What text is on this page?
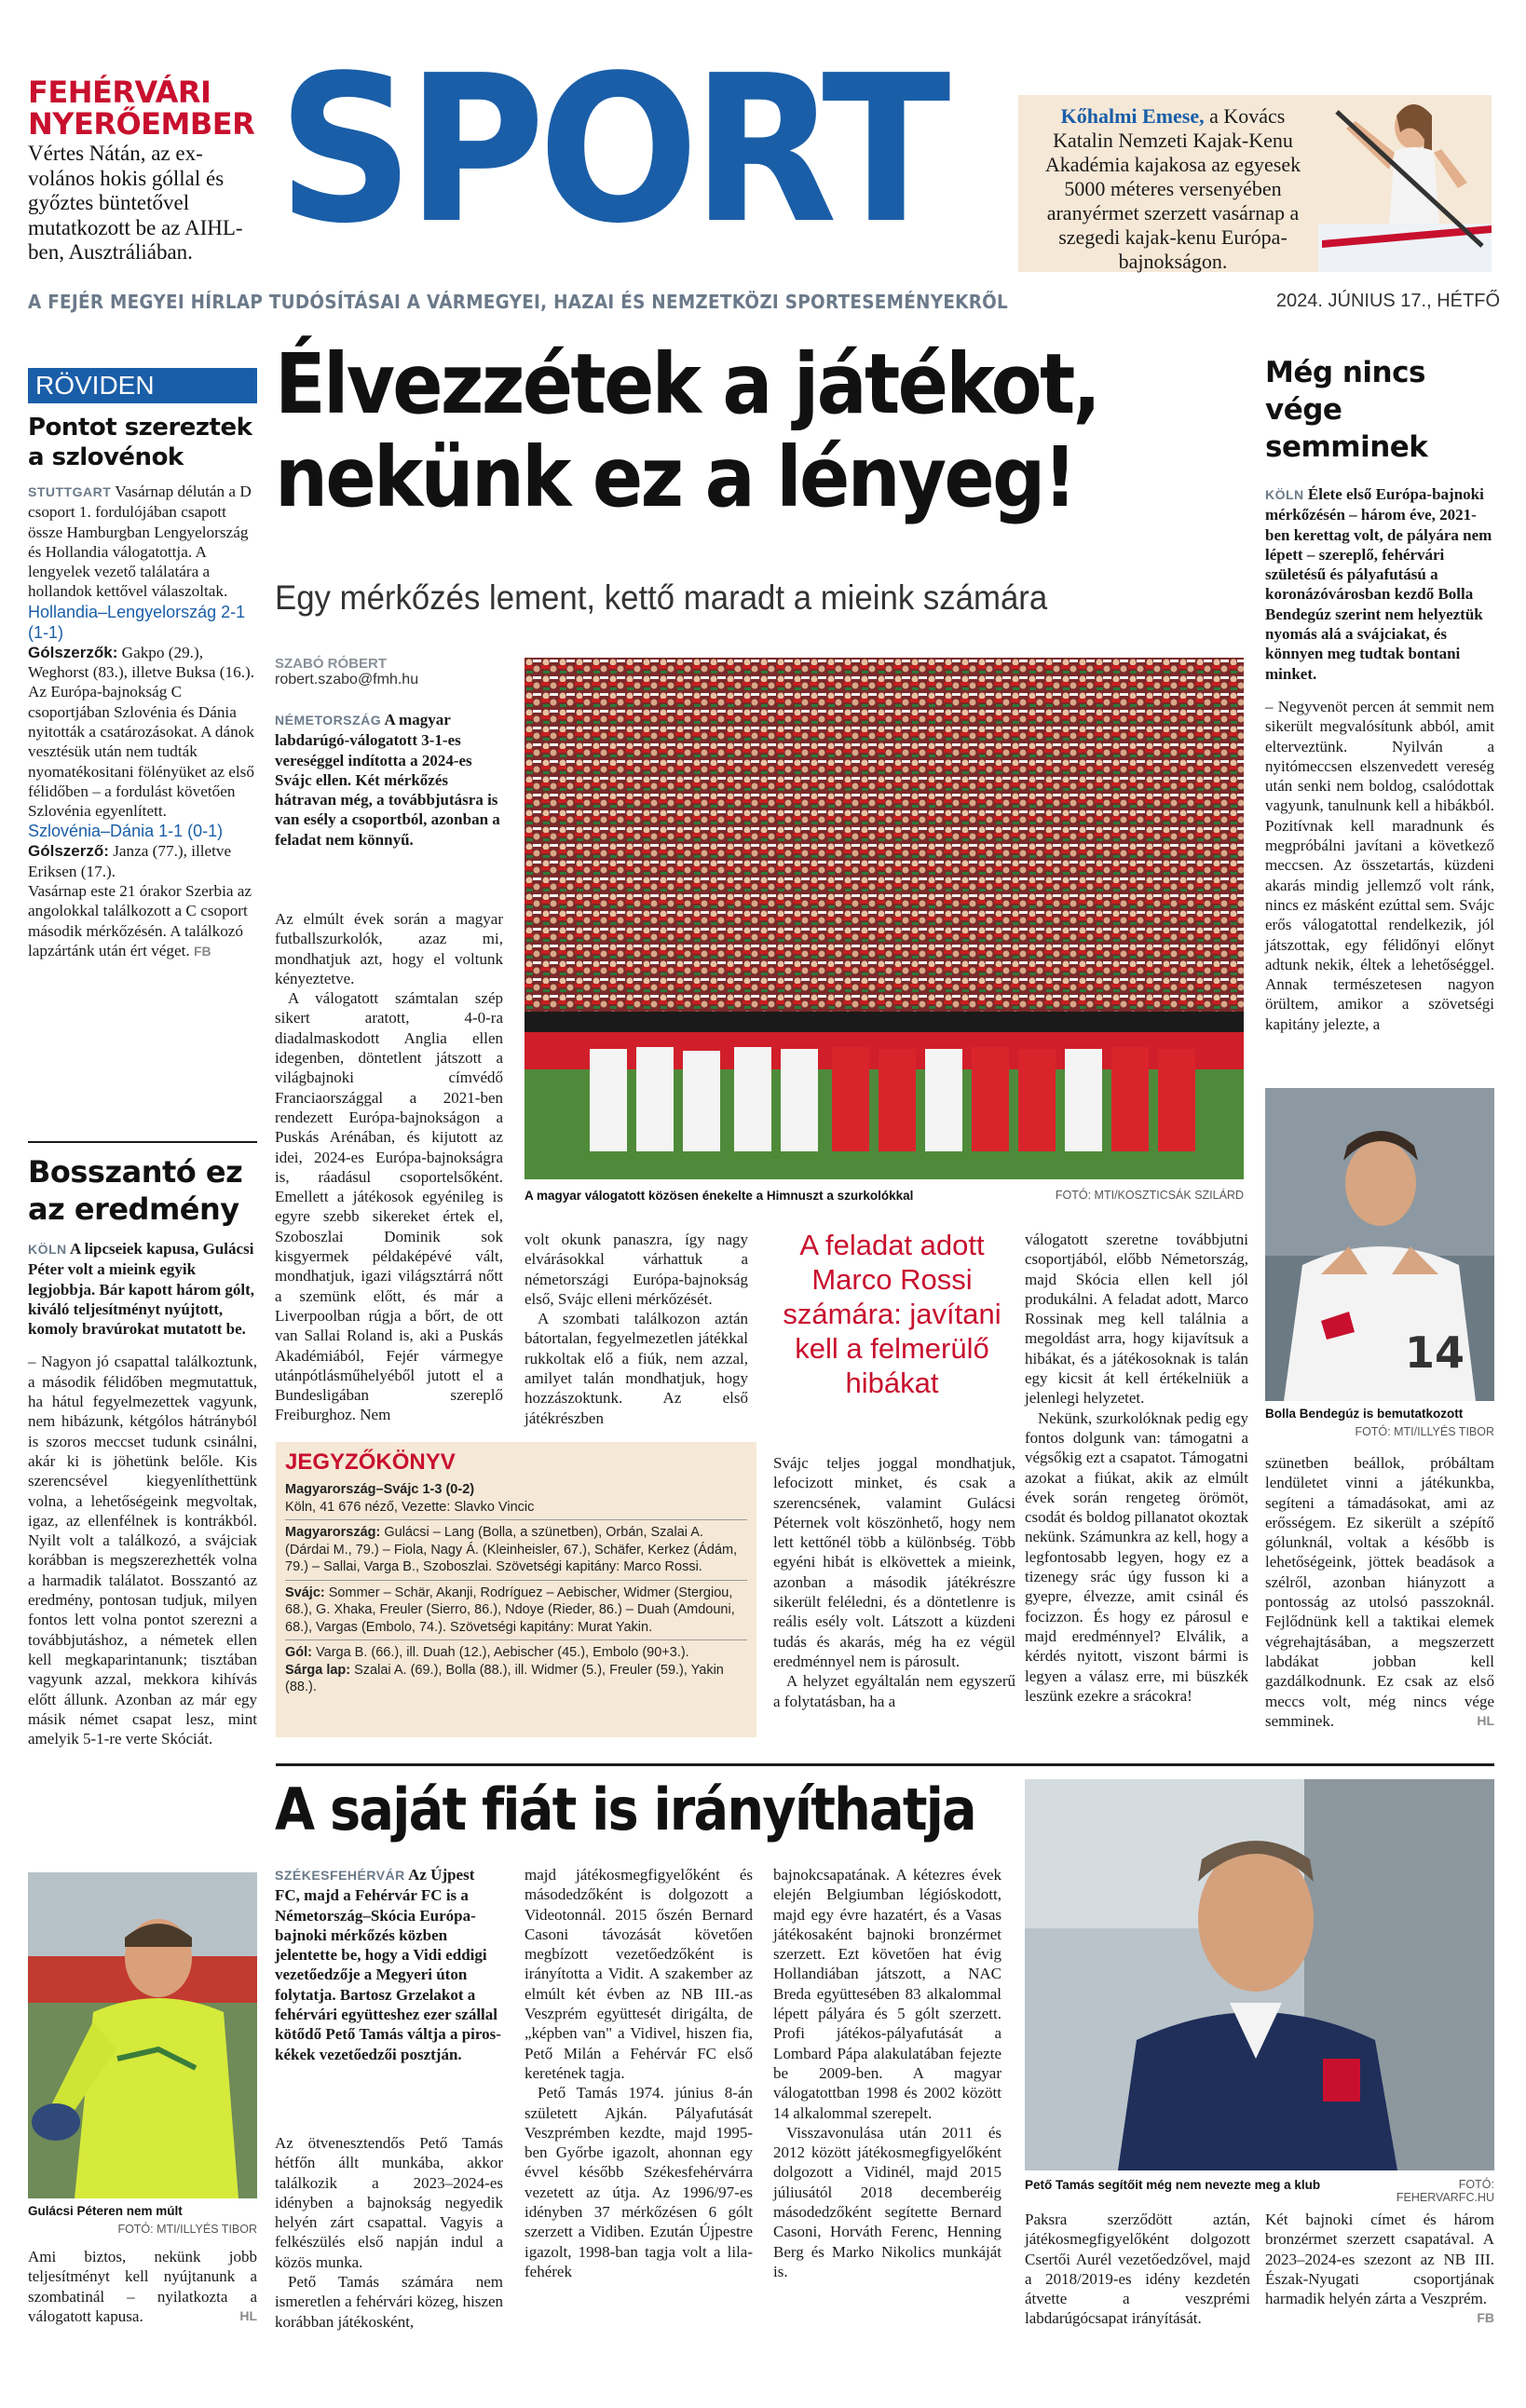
FEHÉRVÁRI
NYERŐEMBER
Vértes Nátán, az ex-volános hokis góllal és győztes büntetővel mutatkozott be az AIHL-ben, Ausztráliában. SPORT	Kőhalmi Emese, a Kovács Katalin Nemzeti Kajak-Kenu Akadémia kajakosa az egyesek 5000 méteres versenyében aranyérmet szerzett vasárnap a szegedi kajak-kenu Európa-bajnokságon.
A FEJÉR MEGYEI HÍRLAP TUDÓSÍTÁSAI A VÁRMEGYEI, HAZAI ÉS NEMZETKÖZI SPORTESEMÉNYEKRŐL	2024. JÚNIUS 17., HÉTFŐ
RÖVIDEN
Pontot szereztek a szlovénok
STUTTGART Vasárnap délután a D csoport 1. fordulójában csapott össze Hamburgban Lengyelország és Hollandia válogatottja. A lengyelek vezető találatára a hollandok kettővel válaszoltak.
Hollandia–Lengyelország 2-1 (1-1)
Gólszerzők: Gakpo (29.), Weghorst (83.), illetve Buksa (16.).
Az Európa-bajnokság C csoportjában Szlovénia és Dánia nyitották a csatározásokat. A dánok vesztésük után nem tudták nyomatékositani fölényüket az első félidőben – a fordulást követően Szlovénia egyenlített.
Szlovénia–Dánia 1-1 (0-1)
Gólszerző: Janza (77.), illetve Eriksen (17.).
Vasárnap este 21 órakor Szerbia az angolokkal találkozott a C csoport második mérkőzésén. A találkozó lapzártánk után ért véget. FB
Bosszantó ez az eredmény
KÖLN A lipcseiek kapusa, Gulácsi Péter volt a mieink egyik legjobbja. Bár kapott három gólt, kiváló teljesítményt nyújtott, komoly bravúrokat mutatott be.
– Nagyon jó csapattal találkoztunk, a második félidőben megmutattuk, ha hátul fegyelmezettek vagyunk, nem hibázunk, kétgólos hátrányból is szoros meccset tudunk csinálni, akár ki is jöhetünk belőle. Kis szerencsével kiegyenlíthettünk volna, a lehetőségeink megvoltak, igaz, az ellenfélnek is kontrákból. Nyilt volt a találkozó, a svájciak korábban is megszerezhették volna a harmadik találatot. Bosszantó az eredmény, pontosan tudjuk, milyen fontos lett volna pontot szerezni a továbbjutáshoz, a németek ellen kell megkaparintanunk; tisztában vagyunk azzal, mekkora kihívás előtt állunk. Azonban az már egy másik német csapat lesz, mint amelyik 5-1-re verte Skóciát.
Gulácsi Péteren nem múlt
FOTÓ: MTI/ILLYÉS TIBOR
Ami biztos, nekünk jobb teljesítményt kell nyújtanunk a szombatinál – nyilatkozta a válogatott kapusa.	HL
Élvezzétek a játékot,
nekünk ez a lényeg!
Egy mérkőzés lement, kettő maradt a mieink számára
SZABÓ RÓBERT
robert.szabo@fmh.hu
NÉMETORSZÁG A magyar labdarúgó-válogatott 3-1-es vereséggel indította a 2024-es Svájc ellen. Két mérkőzés hátravan még, a továbbjutásra is van esély a csoportból, azonban a feladat nem könnyű.

Az elmúlt évek során a magyar futballszurkolók, azaz mi, mondhatjuk azt, hogy el voltunk kényeztetve.

A válogatott számtalan szép sikert aratott, 4-0-ra diadalmaskodott Anglia ellen idegenben, döntetlent játszott a világbajnoki címvédő Franciaországgal a 2021-ben rendezett Európa-bajnokságon a Puskás Arénában, és kijutott az idei, 2024-es Európa-bajnokságra is, ráadásul csoportelsőként. Emellett a játékosok egyénileg is egyre szebb sikereket értek el, Szoboszlai Dominik sok kisgyermek példaképévé vált, mondhatjuk, igazi világsztárrá nőtt a szemünk előtt, és már a Liverpoolban rúgja a bőrt, de ott van Sallai Roland is, aki a Puskás Akadémiából, Fejér vármegye utánpótlásműhelyéből jutott el a Bundesligában szereplő Freiburghoz. Nem

A magyar válogatott közösen énekelte a Himnuszt a szurkolókkal	FOTÓ: MTI/KOSZTICSÁK SZILÁRD

volt okunk panaszra, így nagy elvárásokkal várhattuk a németországi Európa-bajnokság első, Svájc elleni mérkőzését.

A szombati találkozon aztán bátortalan, fegyelmezetlen játékkal rukkoltak elő a fiúk, nem azzal, amilyet talán mondhatjuk, hogy hozzászoktunk. Az első játékrészben

A feladat adott Marco Rossi számára: javítani kell a felmerülő hibákat

Svájc teljes joggal mondhatjuk, lefocizott minket, és csak a szerencsének, valamint Gulácsi Péternek volt köszönhető, hogy nem lett kettőnél több a különbség. Több egyéni hibát is elkövettek a mieink, azonban a második játékrészre sikerült feléledni, és a döntetlenre is reális esély volt. Látszott a küzdeni tudás és akarás, még ha ez végül eredménnyel nem is párosult.

A helyzet egyáltalán nem egyszerű a folytatásban, ha a

válogatott szeretne továbbjutni csoportjából, előbb Németország, majd Skócia ellen kell jól produkálni. A feladat adott, Marco Rossinak meg kell találnia a megoldást arra, hogy kijavítsuk a hibákat, és a játékosoknak is talán egy kicsit át kell értékelniük a jelenlegi helyzetet.

Nekünk, szurkolóknak pedig egy fontos dolgunk van: támogatni a végsőkig ezt a csapatot. Támogatni azokat a fiúkat, akik az elmúlt évek során rengeteg örömöt, csodát és boldog pillanatot okoztak nekünk. Számunkra az kell, hogy a legfontosabb legyen, hogy ez a tizenegy srác úgy fusson ki a gyepre, élvezze, amit csinál és focizzon. És hogy ez párosul e majd eredménnyel? Elválik, a kérdés nyitott, viszont bármi is legyen a válasz erre, mi büszkék leszünk ezekre a srácokra!

JEGYZŐKÖNYV
Magyarország–Svájc 1-3 (0-2)
Köln, 41 676 néző, Vezette: Slavko Vincic
Magyarország: Gulácsi – Lang (Bolla, a szünetben), Orbán, Szalai A. (Dárdai M., 79.) – Fiola, Nagy Á. (Kleinheisler, 67.), Schäfer, Kerkez (Ádám, 79.) – Sallai, Varga B., Szoboszlai. Szövetségi kapitány: Marco Rossi.
Svájc: Sommer – Schär, Akanji, Rodríguez – Aebischer, Widmer (Stergiou, 68.), G. Xhaka, Freuler (Sierro, 86.), Ndoye (Rieder, 86.) – Duah (Amdouni, 68.), Vargas (Embolo, 74.). Szövetségi kapitány: Murat Yakin.
Gól: Varga B. (66.), ill. Duah (12.), Aebischer (45.), Embolo (90+3.).
Sárga lap: Szalai A. (69.), Bolla (88.), ill. Widmer (5.), Freuler (59.), Yakin (88.).
Még nincs vége semminek
KÖLN Élete első Európa-bajnoki mérkőzésén – három éve, 2021-ben kerettag volt, de pályára nem lépett – szereplő, fehérvári születésű és pályafutású a koronázóvárosban kezdő Bolla Bendegúz szerint nem helyeztük nyomás alá a svájciakat, és könnyen meg tudtak bontani minket.
– Negyvenöt percen át semmit nem sikerült megvalósítunk abból, amit elterveztünk. Nyilván a nyitómeccsen elszenvedett vereség után senki nem boldog, csalódottak vagyunk, tanulnunk kell a hibákból. Pozitívnak kell maradnunk és megpróbálni javítani a következő meccsen. Az összetartás, küzdeni akarás mindig jellemző volt ránk, nincs ez másként ezúttal sem. Svájc erős válogatottal rendelkezik, jól játszottak, egy félidőnyi előnyt adtunk nekik, éltek a lehetőséggel. Annak természetesen nagyon örültem, amikor a szövetségi kapitány jelezte, a
14
Bolla Bendegúz is bemutatkozott
FOTÓ: MTI/ILLYÉS TIBOR
szünetben beállok, próbáltam lendületet vinni a játékunkba, segíteni a támadásokat, ami az erősségem. Ez sikerült a szépítő gólunknál, voltak a később is lehetőségeink, jöttek beadások a szélről, azonban hiányzott a pontosság az utolsó passzoknál. Fejlődnünk kell a taktikai elemek végrehajtásában, a megszerzett labdákat jobban kell gazdálkodnunk. Ez csak az első meccs volt, még nincs vége semminek.	HL
A saját fiát is irányíthatja
SZÉKESFEHÉRVÁR Az Újpest FC, majd a Fehérvár FC is a Németország–Skócia Európa-bajnoki mérkőzés közben jelentette be, hogy a Vidi eddigi vezetőedzője a Megyeri úton folytatja. Bartosz Grzelakot a fehérvári együtteshez ezer szállal kötődő Pető Tamás váltja a piros-kékek vezetőedzői posztján.

Az ötvenesztendős Pető Tamás hétfőn állt munkába, akkor találkozik a 2023–2024-es idényben a bajnokság negyedik helyén zárt csapattal. Vagyis a felkészülés első napján indul a közös munka.

Pető Tamás számára nem ismeretlen a fehérvári közeg, hiszen korábban játékosként,

majd játékosmegfigyelőként és másodedzőként is dolgozott a Videotonnál. 2015 őszén Bernard Casoni távozását követően megbízott vezetőedzőként is irányította a Vidit. A szakember az elmúlt két évben az NB III.-as Veszprém együttesét dirigálta, de „képben van" a Vidivel, hiszen fia, Pető Milán a Fehérvár FC első keretének tagja.

Pető Tamás 1974. június 8-án született Ajkán. Pályafutását Veszprémben kezdte, majd 1995-ben Győrbe igazolt, ahonnan egy évvel később Székesfehérvárra vezetett az útja. Az 1996/97-es idényben 37 mérkőzésen 6 gólt szerzett a Vidiben. Ezután Újpestre igazolt, 1998-ban tagja volt a lila-fehérek

bajnokcsapatának. A kétezres évek elején Belgiumban légióskodott, majd egy évre hazatért, és a Vasas játékosaként bajnoki bronzérmet szerzett. Ezt követően hat évig Hollandiában játszott, a NAC Breda együttesében 83 alkalommal lépett pályára és 5 gólt szerzett. Profi játékos-pályafutását a Lombard Pápa alakulatában fejezte be 2009-ben. A magyar válogatottban 1998 és 2002 között 14 alkalommal szerepelt.

Visszavonulása után 2011 és 2012 között játékosmegfigyelőként dolgozott a Vidinél, majd 2015 júliusától 2018 decemberéig másodedzőként segítette Bernard Casoni, Horváth Ferenc, Henning Berg és Marko Nikolics munkáját is.

Pető Tamás segítőit még nem nevezte meg a klub	FOTÓ: FEHERVARFC.HU

Paksra szerződött aztán, játékosmegfigyelőként dolgozott Csertői Aurél vezetőedzővel, majd a 2018/2019-es idény kezdetén átvette a veszprémi labdarúgócsapat irányítását.

Két bajnoki címet és három bronzérmet szerzett csapatával. A 2023–2024-es szezont az NB III. Észak-Nyugati csoportjának harmadik helyén zárta a Veszprém.
FB
